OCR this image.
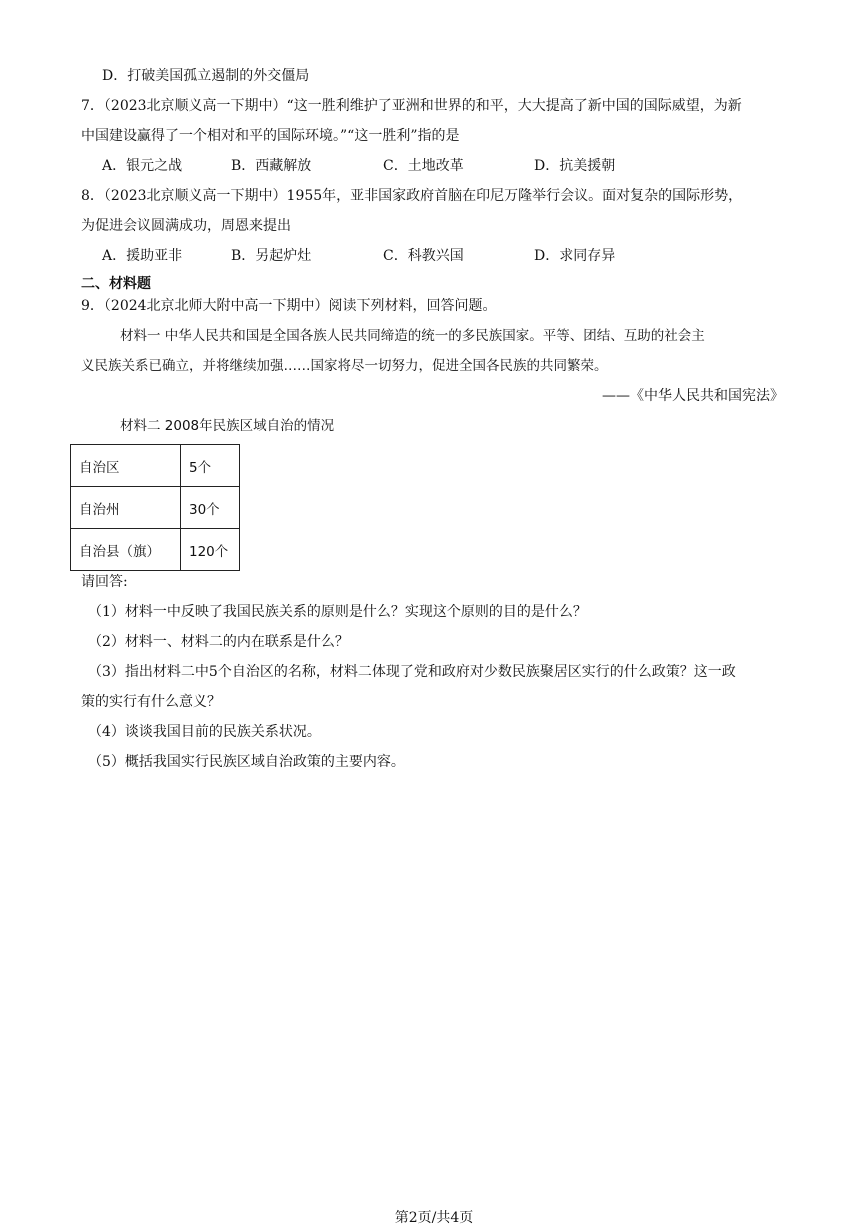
D．打破美国孤立遏制的外交僵局
7．（2023北京顺义高一下期中）“这一胜利维护了亚洲和世界的和平，大大提高了新中国的国际威望，为新
中国建设赢得了一个相对和平的国际环境。”“这一胜利”指的是
A．银元之战	B．西藏解放	C．土地改革	D．抗美援朝
8．（2023北京顺义高一下期中）1955年，亚非国家政府首脑在印尼万隆举行会议。面对复杂的国际形势，
为促进会议圆满成功，周恩来提出
A．援助亚非	B．另起炉灶	C．科教兴国	D．求同存异
二、材料题
9．（2024北京北师大附中高一下期中）阅读下列材料，回答问题。
材料一 中华人民共和国是全国各族人民共同缔造的统一的多民族国家。平等、团结、互助的社会主
义民族关系已确立，并将继续加强……国家将尽一切努力，促进全国各民族的共同繁荣。
——《中华人民共和国宪法》
材料二 2008年民族区域自治的情况
自治区	5个
自治州	30个
自治县（旗）	120个
请回答:
（1）材料一中反映了我国民族关系的原则是什么？实现这个原则的目的是什么？
（2）材料一、材料二的内在联系是什么？
（3）指出材料二中5个自治区的名称，材料二体现了党和政府对少数民族聚居区实行的什么政策？这一政
策的实行有什么意义？
（4）谈谈我国目前的民族关系状况。
（5）概括我国实行民族区域自治政策的主要内容。
第2页/共4页
